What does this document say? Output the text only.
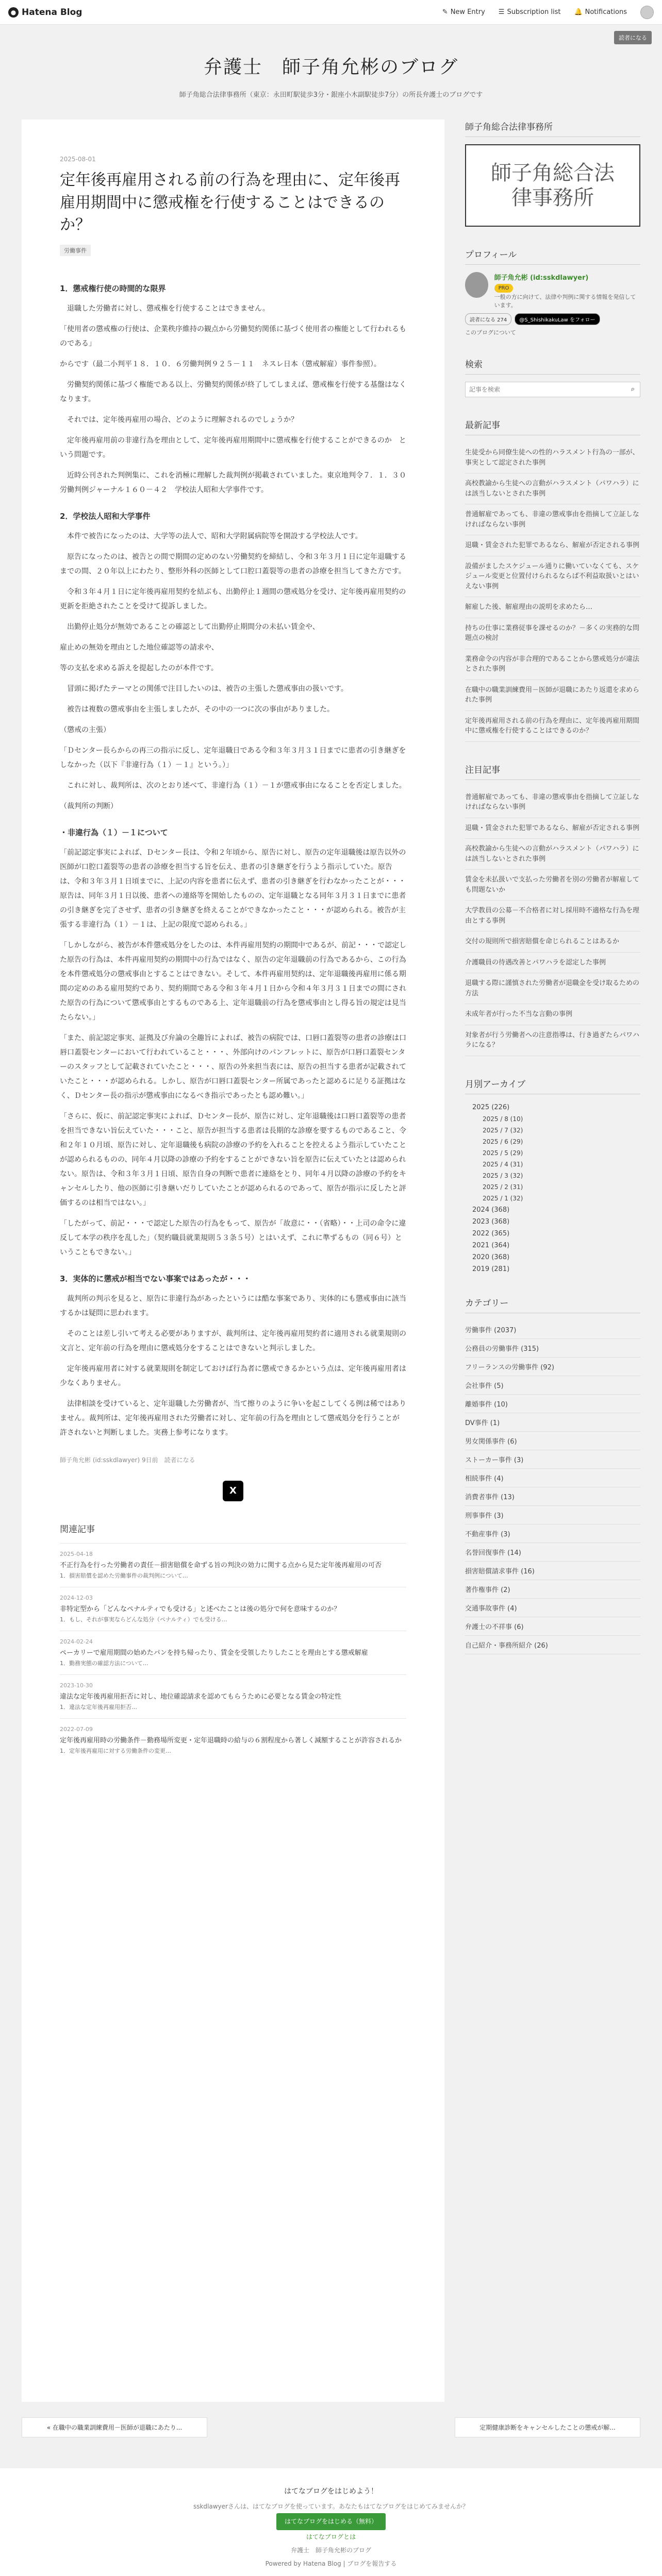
● Hatena Blog	✎ New Entry ☰ Subscription list 🔔 Notifications
読者になる
弁護士　師子角允彬のブログ
師子角総合法律事務所（東京：永田町駅徒歩3分・銀座小木副駅徒歩7分）の所長弁護士のブログです
2025-08-01
定年後再雇用される前の行為を理由に、定年後再雇用期間中に懲戒権を行使することはできるのか？
労働事件
1．懲戒権行使の時間的な限界

　退職した労働者に対し、懲戒権を行使することはできません。

「使用者の懲戒権の行使は、企業秩序維持の観点から労働契約関係に基づく使用者の権能として行われるものである」

からです（最二小判平１８．１０．６労働判例９２５－１１　ネスレ日本（懲戒解雇）事件参照）。

　労働契約関係に基づく権能である以上、労働契約関係が終了してしまえば、懲戒権を行使する基盤はなくなります。

　それでは、定年後再雇用の場合、どのように理解されるのでしょうか？

　定年後再雇用前の非違行為を理由として、定年後再雇用期間中に懲戒権を行使することができるのか　という問題です。

　近時公刊された判例集に、これを消極に理解した裁判例が掲載されていました。東京地判令７．１．３０労働判例ジャーナル１６０－４２　学校法人昭和大学事件です。

2．学校法人昭和大学事件

　本件で被告になったのは、大学等の法人で、昭和大学附属病院等を開設する学校法人です。

　原告になったのは、被告との間で期間の定めのない労働契約を締結し、令和３年３月１日に定年退職するまでの間、２０年以上にわたり、整形外科の医師として口腔口蓋裂等の患者の診療を担当してきた方です。

　令和３年４月１日に定年後再雇用契約を結ぶも、出勤停止１週間の懲戒処分を受け、定年後再雇用契約の更新を拒絶されたことを受けて提訴しました。

　出勤停止処分が無効であることの確認として出勤停止期間分の未払い賃金や、

雇止めの無効を理由とした地位確認等の請求や、

等の支払を求める訴えを提起したのが本件です。

　冒頭に掲げたテーマとの関係で注目したいのは、被告の主張した懲戒事由の扱いです。

　被告は複数の懲戒事由を主張しましたが、その中の一つに次の事由がありました。

（懲戒の主張）

「Ｄセンター長らからの再三の指示に反し、定年退職日である令和３年３月３１日までに患者の引き継ぎをしなかった（以下『非違行為（１）－１』という。）」

　これに対し、裁判所は、次のとおり述べて、非違行為（１）－１が懲戒事由になることを否定しました。

（裁判所の判断）

・非違行為（１）－１について

「前記認定事実によれば、Ｄセンター長は、令和２年頃から、原告に対し、原告の定年退職後は原告以外の医師が口腔口蓋裂等の患者の診療を担当する旨を伝え、患者の引き継ぎを行うよう指示していた。原告は、令和３年３月１日頃までに、上記の内容を患者に伝えず、患者の引き継ぎを行わなかったことが・・・原告は、同年３月１日以後、患者への連絡等を開始したものの、定年退職となる同年３月３１日までに患者の引き継ぎを完了させず、患者の引き継ぎを終えることができなかったこと・・・が認められる。被告が主張する非違行為（１）－１は、上記の限度で認められる。」

「しかしながら、被告が本件懲戒処分をしたのは、本件再雇用契約の期間中であるが、前記・・・で認定した原告の行為は、本件再雇用契約の期間中の行為ではなく、原告の定年退職前の行為であるから、この行為を本件懲戒処分の懲戒事由とすることはできない。そして、本件再雇用契約は、定年退職後再雇用に係る期間の定めのある雇用契約であり、契約期間である令和３年４月１日から令和４年３月３１日までの間にされた原告の行為について懲戒事由とするものである上、定年退職前の行為を懲戒事由とし得る旨の規定は見当たらない。」

「また、前記認定事実、証拠及び弁論の全趣旨によれば、被告の病院では、口唇口蓋裂等の患者の診療は口唇口蓋裂センターにおいて行われていること・・・、外部向けのパンフレットに、原告が口唇口蓋裂センターのスタッフとして記載されていたこと・・・、原告の外来担当表には、原告の担当する患者が記載されていたこと・・・が認められる。しかし、原告が口唇口蓋裂センター所属であったと認めるに足りる証拠はなく、Ｄセンター長の指示が懲戒事由になるべき指示であったとも認め難い。」

「さらに、仮に、前記認定事実によれば、Ｄセンター長が、原告に対し、定年退職後は口唇口蓋裂等の患者を担当できない旨伝えていた・・・こと、原告が担当する患者は長期的な診療を要するものであること、令和２年１０月頃、原告に対し、定年退職後も病院の診療の予約を入れることを控えるよう指示していたことが認められるものの、同年４月以降の診療の予約をすることができない旨を原告に伝えていたとは認められない。原告は、令和３年３月１日頃、原告自身の判断で患者に連絡をとり、同年４月以降の診療の予約をキャンセルしたり、他の医師に引き継いだりしていたことが認められるのであって、原告が指示に反したと評価するのは相当ではない。」

「したがって、前記・・・で認定した原告の行為をもって、原告が「故意に・・（省略）・・上司の命令に違反して本学の秩序を乱した」（契約職員就業規則５３条５号）とはいえず、これに準ずるもの（同６号）ということもできない。」

3．実体的に懲戒が相当でない事案ではあったが・・・

　裁判所の判示を見ると、原告に非違行為があったというには酷な事案であり、実体的にも懲戒事由に該当するかは疑問に思われます。

　そのことは差し引いて考える必要がありますが、裁判所は、定年後再雇用契約者に適用される就業規則の文言と、定年前の行為を理由に懲戒処分をすることはできないと判示しました。

　定年後再雇用者に対する就業規則を制定しておけば行為者に懲戒できるかという点は、定年後再雇用者は少なくありません。

　法律相談を受けていると、定年退職した労働者が、当て擦りのように争いを起こしてくる例は稀ではありません。裁判所は、定年後再雇用された労働者に対し、定年前の行為を理由として懲戒処分を行うことが許されないと判断しました。実務上参考になります。

師子角允彬 (id:sskdlawyer) 9日前　読者になる
X
関連記事
2025-04-18
不正行為を行った労働者の責任－損害賠償を命ずる旨の判決の効力に関する点から見た定年後再雇用の可否
1．損害賠償を認めた労働事件の裁判例について…
2024-12-03
非特定型から「どんなペナルティでも受ける」と述べたことは後の処分で何を意味するのか？
1．もし、それが事実ならどんな処分（ペナルティ）でも受ける…
2024-02-24
ペーカリーで雇用期間の始めたパンを持ち帰ったり、賃金を受領したりしたことを理由とする懲戒解雇
1．勤務実態の確認方法について…
2023-10-30
違法な定年後再雇用拒否に対し、地位確認請求を認めてもらうために必要となる賃金の特定性
1．違法な定年後再雇用拒否…
2022-07-09
定年後再雇用時の労働条件－勤務場所変更・定年退職時の給与の６割程度から著しく減額することが許容されるか
1．定年後再雇用に対する労働条件の変更…
師子角総合法律事務所
師子角総合法律事務所
プロフィール
師子角允彬 (id:sskdlawyer)
PRO
一般の方に向けて、法律や判例に関する情報を発信しています。
読者になる 274 @S_ShishikakuLaw をフォロー
このブログについて
検索
記事を検索
⌕
最新記事
生徒受から同僚生徒への性的ハラスメント行為の一部が、事実として認定された事例
高校教諭から生徒への言動がハラスメント（パワハラ）には該当しないとされた事例
普通解雇であっても、非違の懲戒事由を指摘して立証しなければならない事例
退職・賃金された犯罪であるなら、解雇が否定される事例
設備がましたスケジュール通りに働いていなくても、スケジュール変更と位置付けられるならば不利益取扱いとはいえない事例
解雇した後、解雇理由の説明を求めたら…
持ちの仕事に業務従事を課せるのか？－多くの実務的な問題点の検討
業務命令の内容が非合理的であることから懲戒処分が違法とされた事例
在職中の職業訓練費用－医師が退職にあたり返還を求められた事例
定年後再雇用される前の行為を理由に、定年後再雇用期間中に懲戒権を行使することはできるのか？
注目記事
普通解雇であっても、非違の懲戒事由を指摘して立証しなければならない事例
退職・賃金された犯罪であるなら、解雇が否定される事例
高校教諭から生徒への言動がハラスメント（パワハラ）には該当しないとされた事例
賃金を未払扱いで支払った労働者を別の労働者が解雇しても問題ないか
大学教員の公募－不合格者に対し採用時不適格な行為を理由とする事例
交付の規則所で損害賠償を命じられることはあるか
介護職員の待遇改善とパワハラを認定した事例
退職する際に謹慎された労働者が退職金を受け取るための方法
未成年者が行った不当な言動の事例
対象者が行う労働者への注意指導は、行き過ぎたらパワハラになる？
月別アーカイブ
2025 (226)
2025 / 8 (10)
2025 / 7 (32)
2025 / 6 (29)
2025 / 5 (29)
2025 / 4 (31)
2025 / 3 (32)
2025 / 2 (31)
2025 / 1 (32)
2024 (368)
2023 (368)
2022 (365)
2021 (364)
2020 (368)
2019 (281)
カテゴリー
労働事件 (2037)
公務員の労働事件 (315)
フリーランスの労働事件 (92)
会社事件 (5)
離婚事件 (10)
DV事件 (1)
男女関係事件 (6)
ストーカー事件 (3)
相続事件 (4)
消費者事件 (13)
刑事事件 (3)
不動産事件 (3)
名誉回復事件 (14)
損害賠償請求事件 (16)
著作権事件 (2)
交通事故事件 (4)
弁護士の不祥事 (6)
自己紹介・事務所紹介 (26)
« 在職中の職業訓練費用－医師が退職にあたり...	定期健康診断をキャンセルしたことの懲戒が解...
はてなブログをはじめよう！
sskdlawyerさんは、はてなブログを使っています。あなたもはてなブログをはじめてみませんか？
はてなブログをはじめる（無料）
はてなブログとは
弁護士　師子角允彬のブログ
Powered by Hatena Blog | ブログを報告する
